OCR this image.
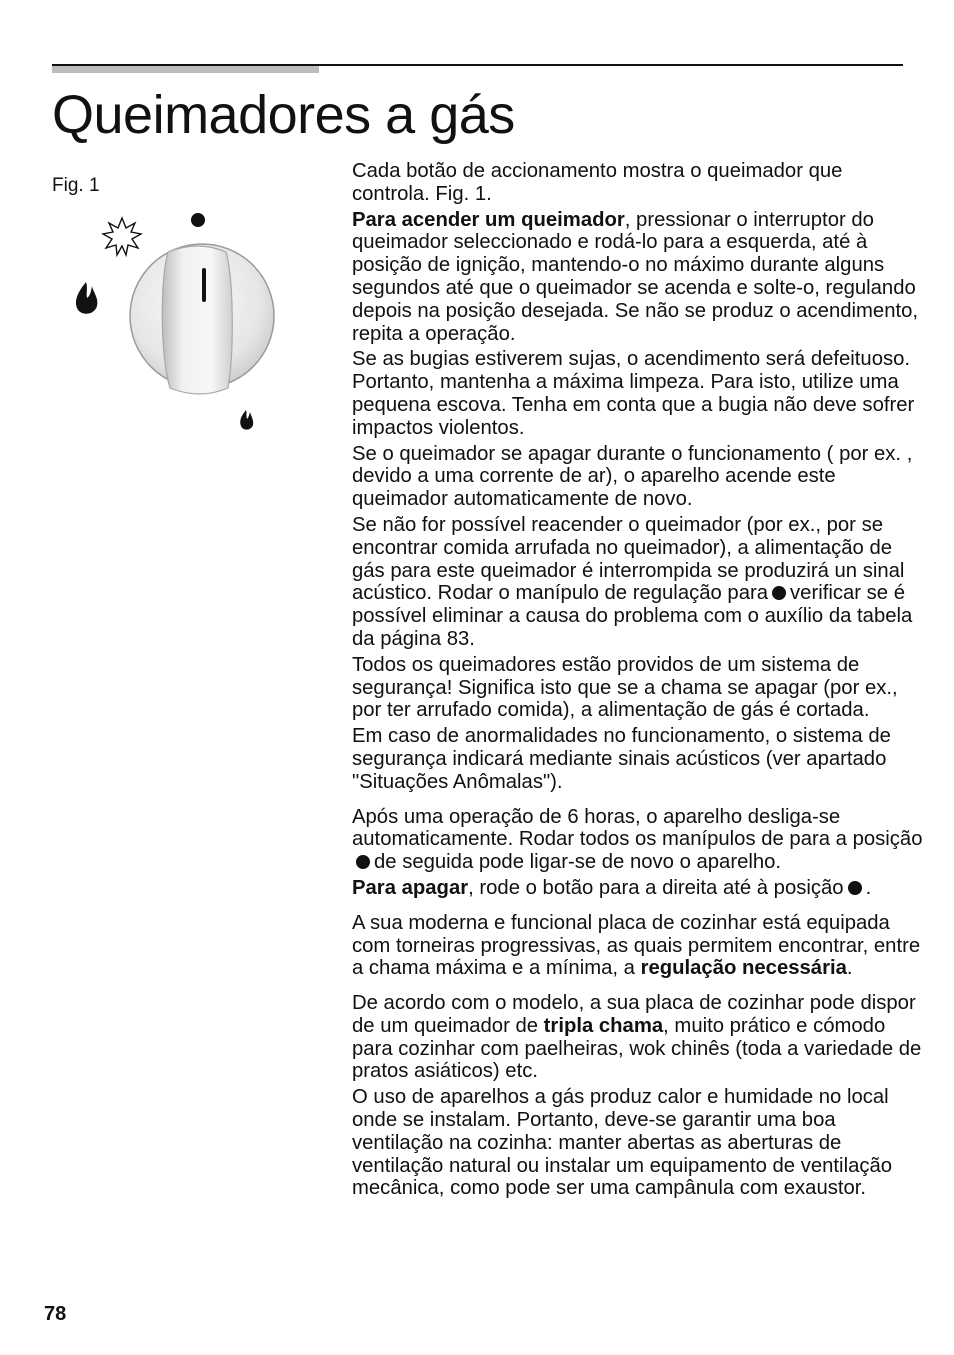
Queimadores a gás
Fig. 1

Cada botão de accionamento mostra o queimador que controla. Fig. 1.

Para acender um queimador, pressionar o interruptor do queimador seleccionado e rodá-lo para a esquerda, até à posição de ignição, mantendo-o no máximo durante alguns segundos até que o queimador se acenda e solte-o, regulando depois na posição desejada. Se não se produz o acendimento, repita a operação.

Se as bugias estiverem sujas, o acendimento será defeituoso. Portanto, mantenha a máxima limpeza. Para isto, utilize uma pequena escova. Tenha em conta que a bugia não deve sofrer impactos violentos.

Se o queimador se apagar durante o funcionamento ( por ex. , devido a uma corrente de ar), o aparelho acende este queimador automaticamente de novo.

Se não for possível reacender o queimador (por ex., por se encontrar comida arrufada no queimador), a alimentação de gás para este queimador é interrompida se produzirá un sinal acústico. Rodar o manípulo de regulação para verificar se é possível eliminar a causa do problema com o auxílio da tabela da página 83.

Todos os queimadores estão providos de um sistema de segurança! Significa isto que se a chama se apagar (por ex., por ter arrufado comida), a alimentação de gás é cortada.

Em caso de anormalidades no funcionamento, o sistema de segurança indicará mediante sinais acústicos (ver apartado "Situações Anômalas").

Após uma operação de 6 horas, o aparelho desliga-se automaticamente. Rodar todos os manípulos de para a posiçãode seguida pode ligar-se de novo o aparelho.

Para apagar, rode o botão para a direita até à posição .

A sua moderna e funcional placa de cozinhar está equipada com torneiras progressivas, as quais permitem encontrar, entre a chama máxima e a mínima, a regulação necessária.

De acordo com o modelo, a sua placa de cozinhar pode dispor de um queimador de tripla chama, muito prático e cómodo para cozinhar com paelheiras, wok chinês (toda a variedade de pratos asiáticos) etc.

O uso de aparelhos a gás produz calor e humidade no local onde se instalam. Portanto, deve-se garantir uma boa ventilação na cozinha: manter abertas as aberturas de ventilação natural ou instalar um equipamento de ventilação mecânica, como pode ser uma campânula com exaustor.

78
